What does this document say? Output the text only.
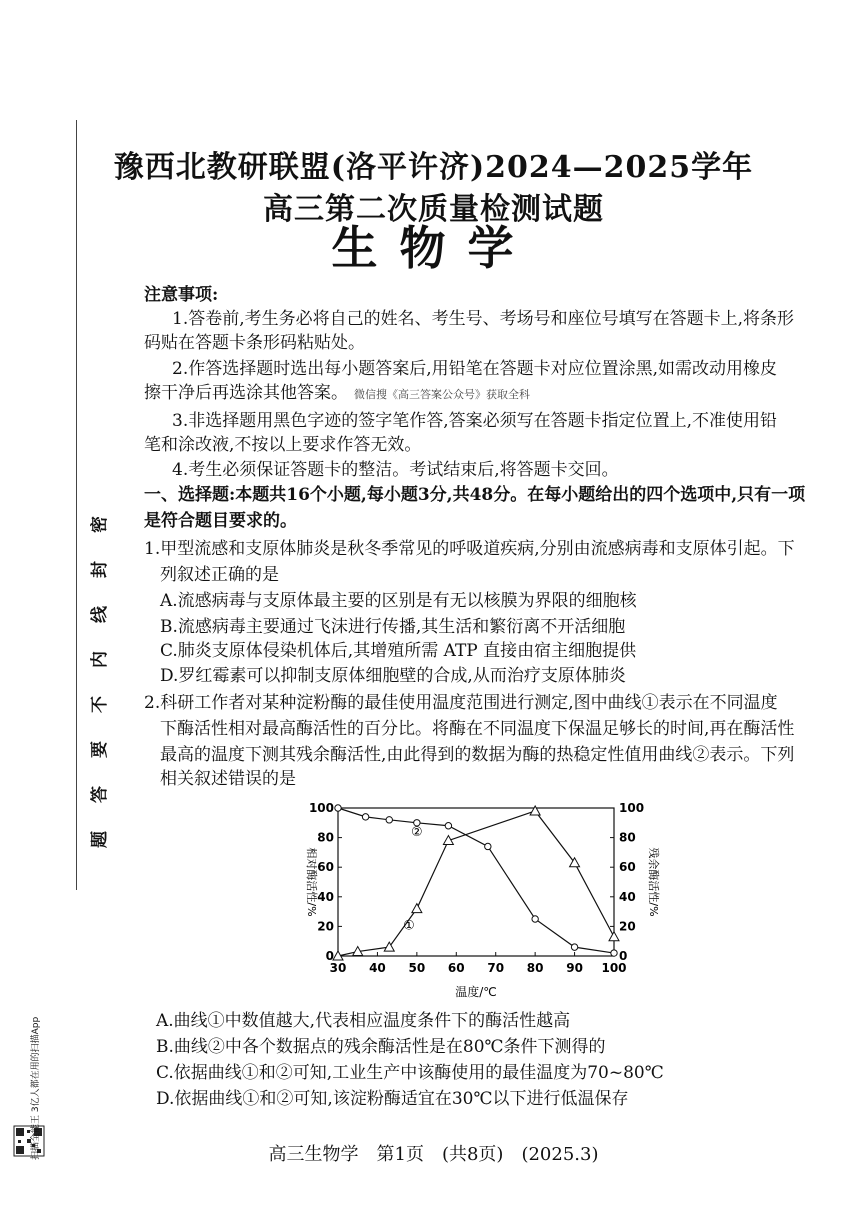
豫西北教研联盟(洛平许济)2024—2025学年
高三第二次质量检测试题
生物学
密
封
线
内
不
要
答
题
注意事项:
1.答卷前,考生务必将自己的姓名、考生号、考场号和座位号填写在答题卡上,将条形
码贴在答题卡条形码粘贴处。
2.作答选择题时选出每小题答案后,用铅笔在答题卡对应位置涂黑,如需改动用橡皮
擦干净后再选涂其他答案。 微信搜《高三答案公众号》获取全科
3.非选择题用黑色字迹的签字笔作答,答案必须写在答题卡指定位置上,不准使用铅
笔和涂改液,不按以上要求作答无效。
4.考生必须保证答题卡的整洁。考试结束后,将答题卡交回。
一、选择题:本题共16个小题,每小题3分,共48分。在每小题给出的四个选项中,只有一项
是符合题目要求的。
1.甲型流感和支原体肺炎是秋冬季常见的呼吸道疾病,分别由流感病毒和支原体引起。下
列叙述正确的是
A.流感病毒与支原体最主要的区别是有无以核膜为界限的细胞核
B.流感病毒主要通过飞沫进行传播,其生活和繁衍离不开活细胞
C.肺炎支原体侵染机体后,其增殖所需 ATP 直接由宿主细胞提供
D.罗红霉素可以抑制支原体细胞壁的合成,从而治疗支原体肺炎
2.科研工作者对某种淀粉酶的最佳使用温度范围进行测定,图中曲线①表示在不同温度
下酶活性相对最高酶活性的百分比。将酶在不同温度下保温足够长的时间,再在酶活性
最高的温度下测其残余酶活性,由此得到的数据为酶的热稳定性值用曲线②表示。下列
相关叙述错误的是
30 40 50 60 70 80 90 100
0	0
20	20
40	40
60	60
80	80
100	100
温度/℃
相对酶活性/%	残余酶活性/%
①
②
A.曲线①中数值越大,代表相应温度条件下的酶活性越高
B.曲线②中各个数据点的残余酶活性是在80℃条件下测得的
C.依据曲线①和②可知,工业生产中该酶使用的最佳温度为70~80℃
D.依据曲线①和②可知,该淀粉酶适宜在30℃以下进行低温保存
高三生物学　第1页　(共8页)　(2025.3)
扫描全能王 3亿人都在用的扫描App
